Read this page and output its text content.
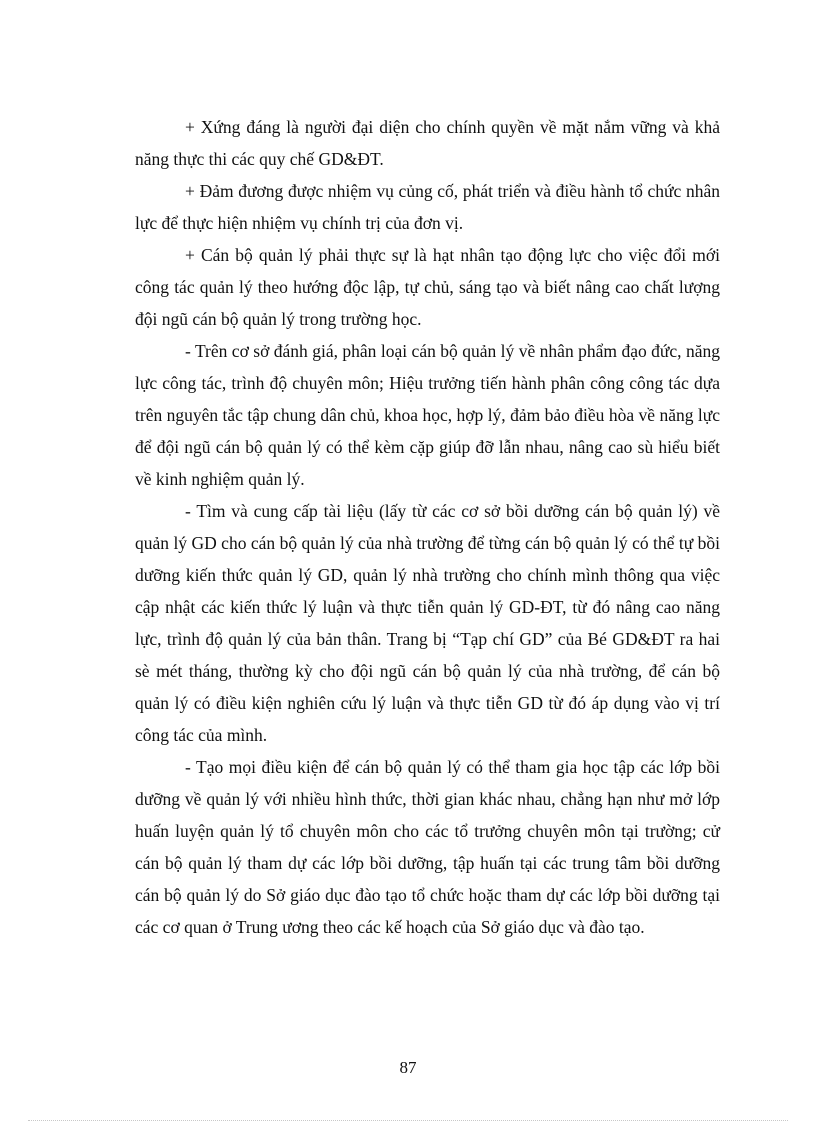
+ Xứng đáng là người đại diện cho chính quyền về mặt nắm vững và khả năng thực thi các quy chế GD&ĐT.

+ Đảm đương được nhiệm vụ củng cố, phát triển và điều hành tổ chức nhân lực để thực hiện nhiệm vụ chính trị của đơn vị.

+ Cán bộ quản lý phải thực sự là hạt nhân tạo động lực cho việc đổi mới công tác quản lý theo hướng độc lập, tự chủ, sáng tạo và biết nâng cao chất lượng đội ngũ cán bộ quản lý trong trường học.

- Trên cơ sở đánh giá, phân loại cán bộ quản lý về nhân phẩm đạo đức, năng lực công tác, trình độ chuyên môn; Hiệu trưởng tiến hành phân công công tác dựa trên nguyên tắc tập chung dân chủ, khoa học, hợp lý, đảm bảo điều hòa về năng lực để đội ngũ cán bộ quản lý có thể kèm cặp giúp đỡ lẫn nhau, nâng cao sù hiểu biết về kinh nghiệm quản lý.

- Tìm và cung cấp tài liệu (lấy từ các cơ sở bồi dưỡng cán bộ quản lý) về quản lý GD cho cán bộ quản lý của nhà trường để từng cán bộ quản lý có thể tự bồi dưỡng kiến thức quản lý GD, quản lý nhà trường cho chính mình thông qua việc cập nhật các kiến thức lý luận và thực tiễn quản lý GD-ĐT, từ đó nâng cao năng lực, trình độ quản lý của bản thân. Trang bị “Tạp chí GD” của Bé GD&ĐT ra hai sè mét tháng, thường kỳ cho đội ngũ cán bộ quản lý của nhà trường, để cán bộ quản lý có điều kiện nghiên cứu lý luận và thực tiễn GD từ đó áp dụng vào vị trí công tác của mình.

- Tạo mọi điều kiện để cán bộ quản lý có thể tham gia học tập các lớp bồi dưỡng về quản lý với nhiều hình thức, thời gian khác nhau, chẳng hạn như mở lớp huấn luyện quản lý tổ chuyên môn cho các tổ trưởng chuyên môn tại trường; cử cán bộ quản lý tham dự các lớp bồi dưỡng, tập huấn tại các trung tâm bồi dưỡng cán bộ quản lý do Sở giáo dục đào tạo tổ chức hoặc tham dự các lớp bồi dưỡng tại các cơ quan ở Trung ương theo các kế hoạch của Sở giáo dục và đào tạo.

87
